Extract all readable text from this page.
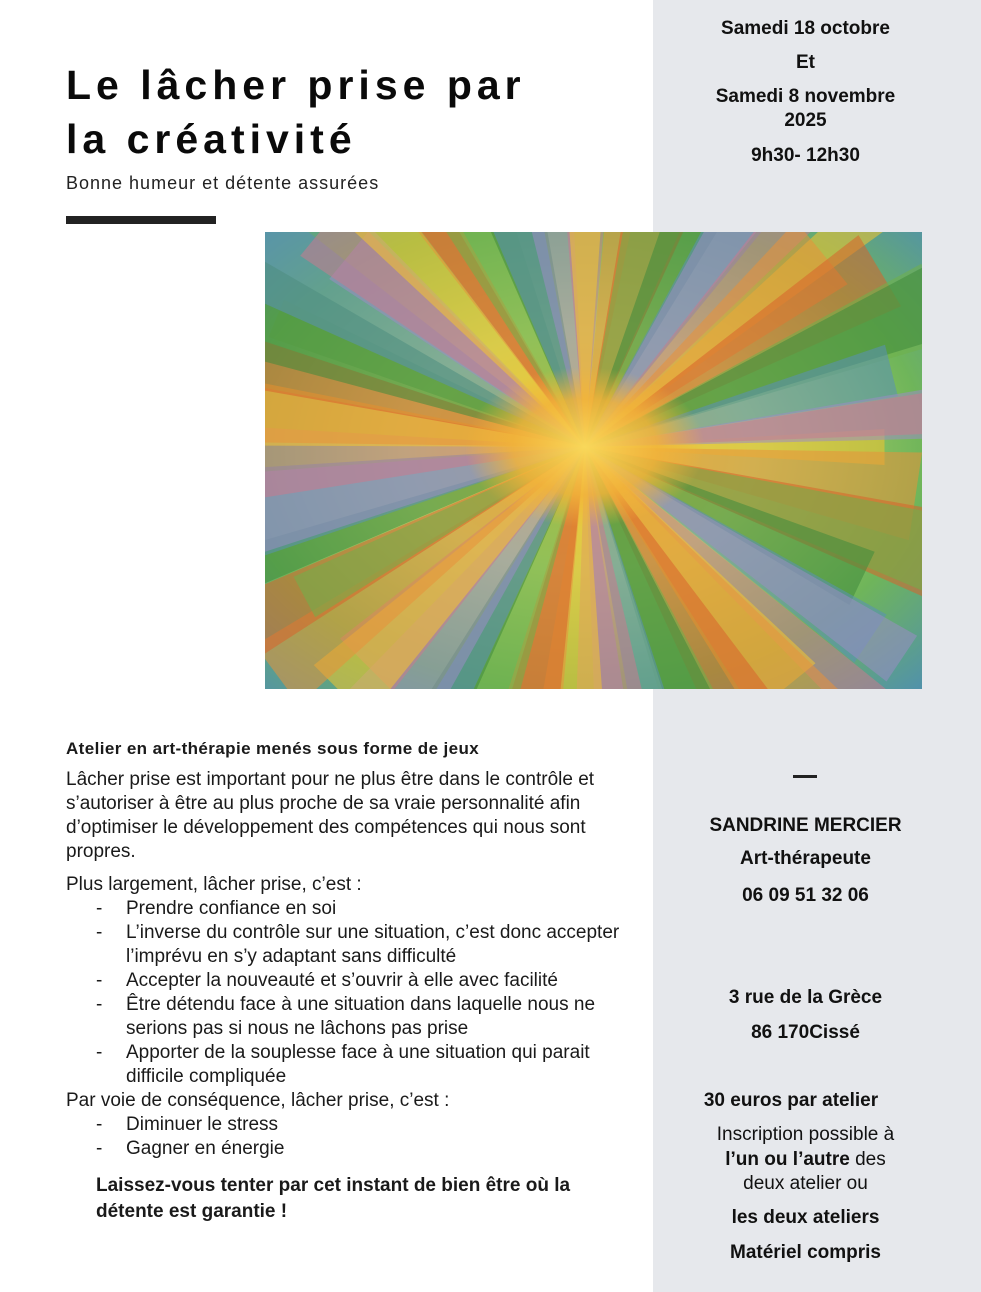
Samedi 18 octobre
Et
Samedi 8 novembre
2025
9h30- 12h30
Le lâcher prise par
la créativité
Bonne humeur et détente assurées
Atelier en art-thérapie menés sous forme de jeux

Lâcher prise est important pour ne plus être dans le contrôle et s’autoriser à être au plus proche de sa vraie personnalité afin d’optimiser le développement des compétences qui nous sont propres.

Plus largement, lâcher prise, c’est :

- Prendre confiance en soi
- L’inverse du contrôle sur une situation, c’est donc accepter l’imprévu en s’y adaptant sans difficulté
- Accepter la nouveauté et s’ouvrir à elle avec facilité
- Être détendu face à une situation dans laquelle nous ne serions pas si nous ne lâchons pas prise
- Apporter de la souplesse face à une situation qui parait difficile compliquée

Par voie de conséquence, lâcher prise, c’est :

- Diminuer le stress
- Gagner en énergie

Laissez-vous tenter par cet instant de bien être où la détente est garantie !

SANDRINE MERCIER
Art-thérapeute
06 09 51 32 06
3 rue de la Grèce
86 170Cissé
30 euros par atelier
Inscription possible à
l’un ou l’autre des
deux atelier ou
les deux ateliers
Matériel compris
